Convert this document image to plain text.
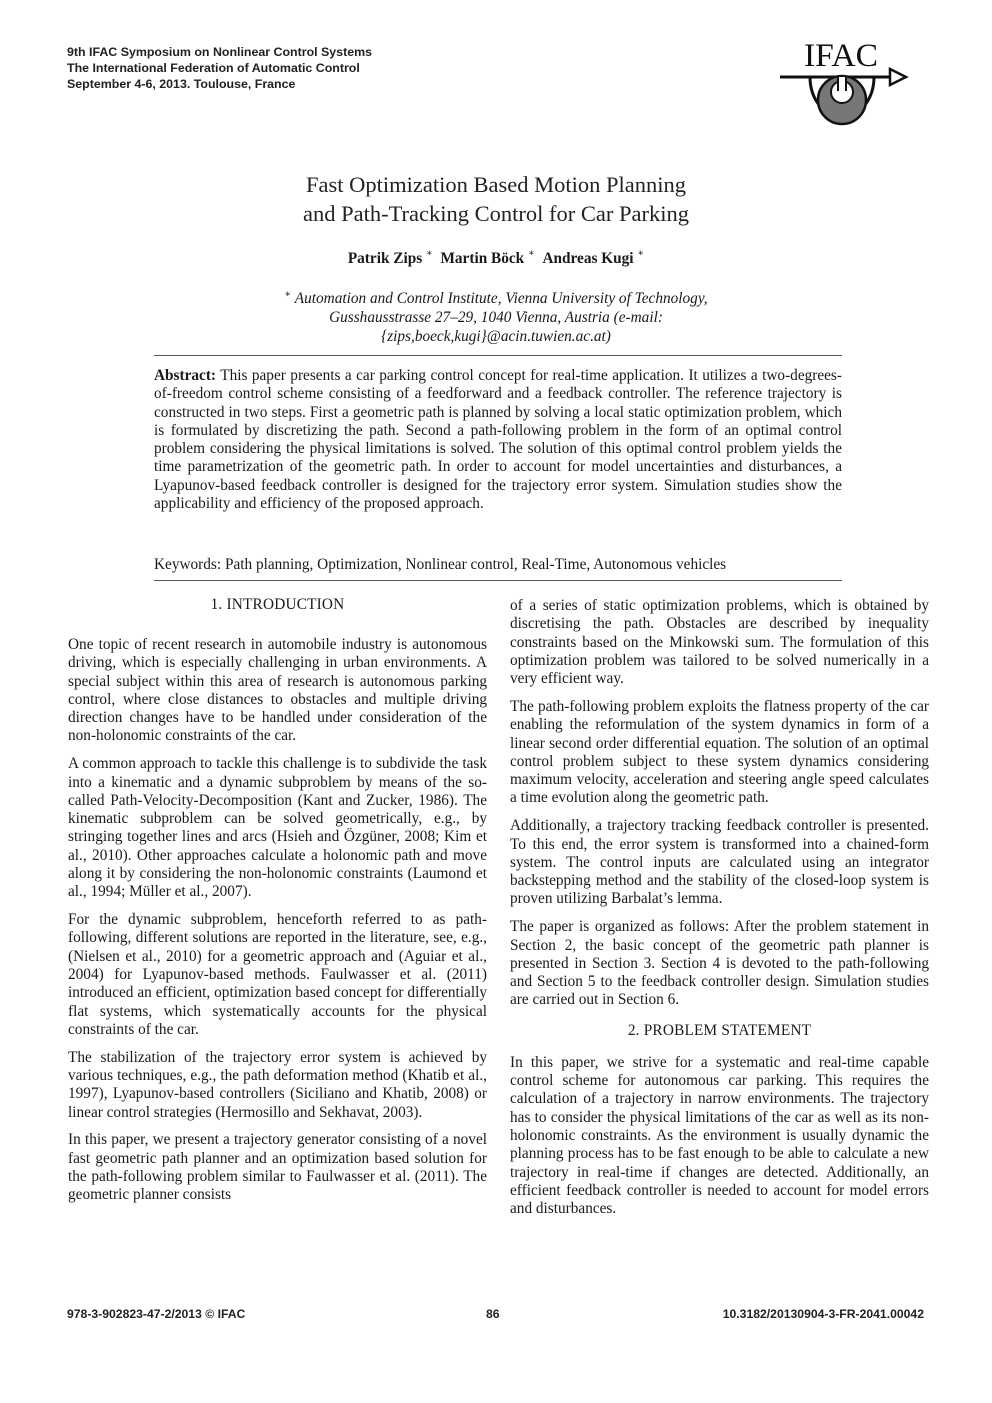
9th IFAC Symposium on Nonlinear Control Systems
The International Federation of Automatic Control
September 4-6, 2013. Toulouse, France
IFAC
Fast Optimization Based Motion Planning
and Path-Tracking Control for Car Parking
Patrik Zips ∗ Martin Böck ∗ Andreas Kugi ∗
∗ Automation and Control Institute, Vienna University of Technology,
Gusshausstrasse 27–29, 1040 Vienna, Austria (e-mail:
{zips,boeck,kugi}@acin.tuwien.ac.at)
Abstract: This paper presents a car parking control concept for real-time application. It utilizes a two-degrees-of-freedom control scheme consisting of a feedforward and a feedback controller. The reference trajectory is constructed in two steps. First a geometric path is planned by solving a local static optimization problem, which is formulated by discretizing the path. Second a path-following problem in the form of an optimal control problem considering the physical limitations is solved. The solution of this optimal control problem yields the time parametrization of the geometric path. In order to account for model uncertainties and disturbances, a Lyapunov-based feedback controller is designed for the trajectory error system. Simulation studies show the applicability and efficiency of the proposed approach.
Keywords: Path planning, Optimization, Nonlinear control, Real-Time, Autonomous vehicles
1. INTRODUCTION

One topic of recent research in automobile industry is autonomous driving, which is especially challenging in urban environments. A special subject within this area of research is autonomous parking control, where close distances to obstacles and multiple driving direction changes have to be handled under consideration of the non-holonomic constraints of the car.

A common approach to tackle this challenge is to subdivide the task into a kinematic and a dynamic subproblem by means of the so-called Path-Velocity-Decomposition (Kant and Zucker, 1986). The kinematic subproblem can be solved geometrically, e.g., by stringing together lines and arcs (Hsieh and Özgüner, 2008; Kim et al., 2010). Other approaches calculate a holonomic path and move along it by considering the non-holonomic constraints (Laumond et al., 1994; Müller et al., 2007).

For the dynamic subproblem, henceforth referred to as path-following, different solutions are reported in the literature, see, e.g., (Nielsen et al., 2010) for a geometric approach and (Aguiar et al., 2004) for Lyapunov-based methods. Faulwasser et al. (2011) introduced an efficient, optimization based concept for differentially flat systems, which systematically accounts for the physical constraints of the car.

The stabilization of the trajectory error system is achieved by various techniques, e.g., the path deformation method (Khatib et al., 1997), Lyapunov-based controllers (Siciliano and Khatib, 2008) or linear control strategies (Hermosillo and Sekhavat, 2003).

In this paper, we present a trajectory generator consisting of a novel fast geometric path planner and an optimization based solution for the path-following problem similar to Faulwasser et al. (2011). The geometric planner consists

of a series of static optimization problems, which is obtained by discretising the path. Obstacles are described by inequality constraints based on the Minkowski sum. The formulation of this optimization problem was tailored to be solved numerically in a very efficient way.

The path-following problem exploits the flatness property of the car enabling the reformulation of the system dynamics in form of a linear second order differential equation. The solution of an optimal control problem subject to these system dynamics considering maximum velocity, acceleration and steering angle speed calculates a time evolution along the geometric path.

Additionally, a trajectory tracking feedback controller is presented. To this end, the error system is transformed into a chained-form system. The control inputs are calculated using an integrator backstepping method and the stability of the closed-loop system is proven utilizing Barbalat’s lemma.

The paper is organized as follows: After the problem statement in Section 2, the basic concept of the geometric path planner is presented in Section 3. Section 4 is devoted to the path-following and Section 5 to the feedback controller design. Simulation studies are carried out in Section 6.

2. PROBLEM STATEMENT

In this paper, we strive for a systematic and real-time capable control scheme for autonomous car parking. This requires the calculation of a trajectory in narrow environments. The trajectory has to consider the physical limitations of the car as well as its non-holonomic constraints. As the environment is usually dynamic the planning process has to be fast enough to be able to calculate a new trajectory in real-time if changes are detected. Additionally, an efficient feedback controller is needed to account for model errors and disturbances.

978-3-902823-47-2/2013 © IFAC	86	10.3182/20130904-3-FR-2041.00042
